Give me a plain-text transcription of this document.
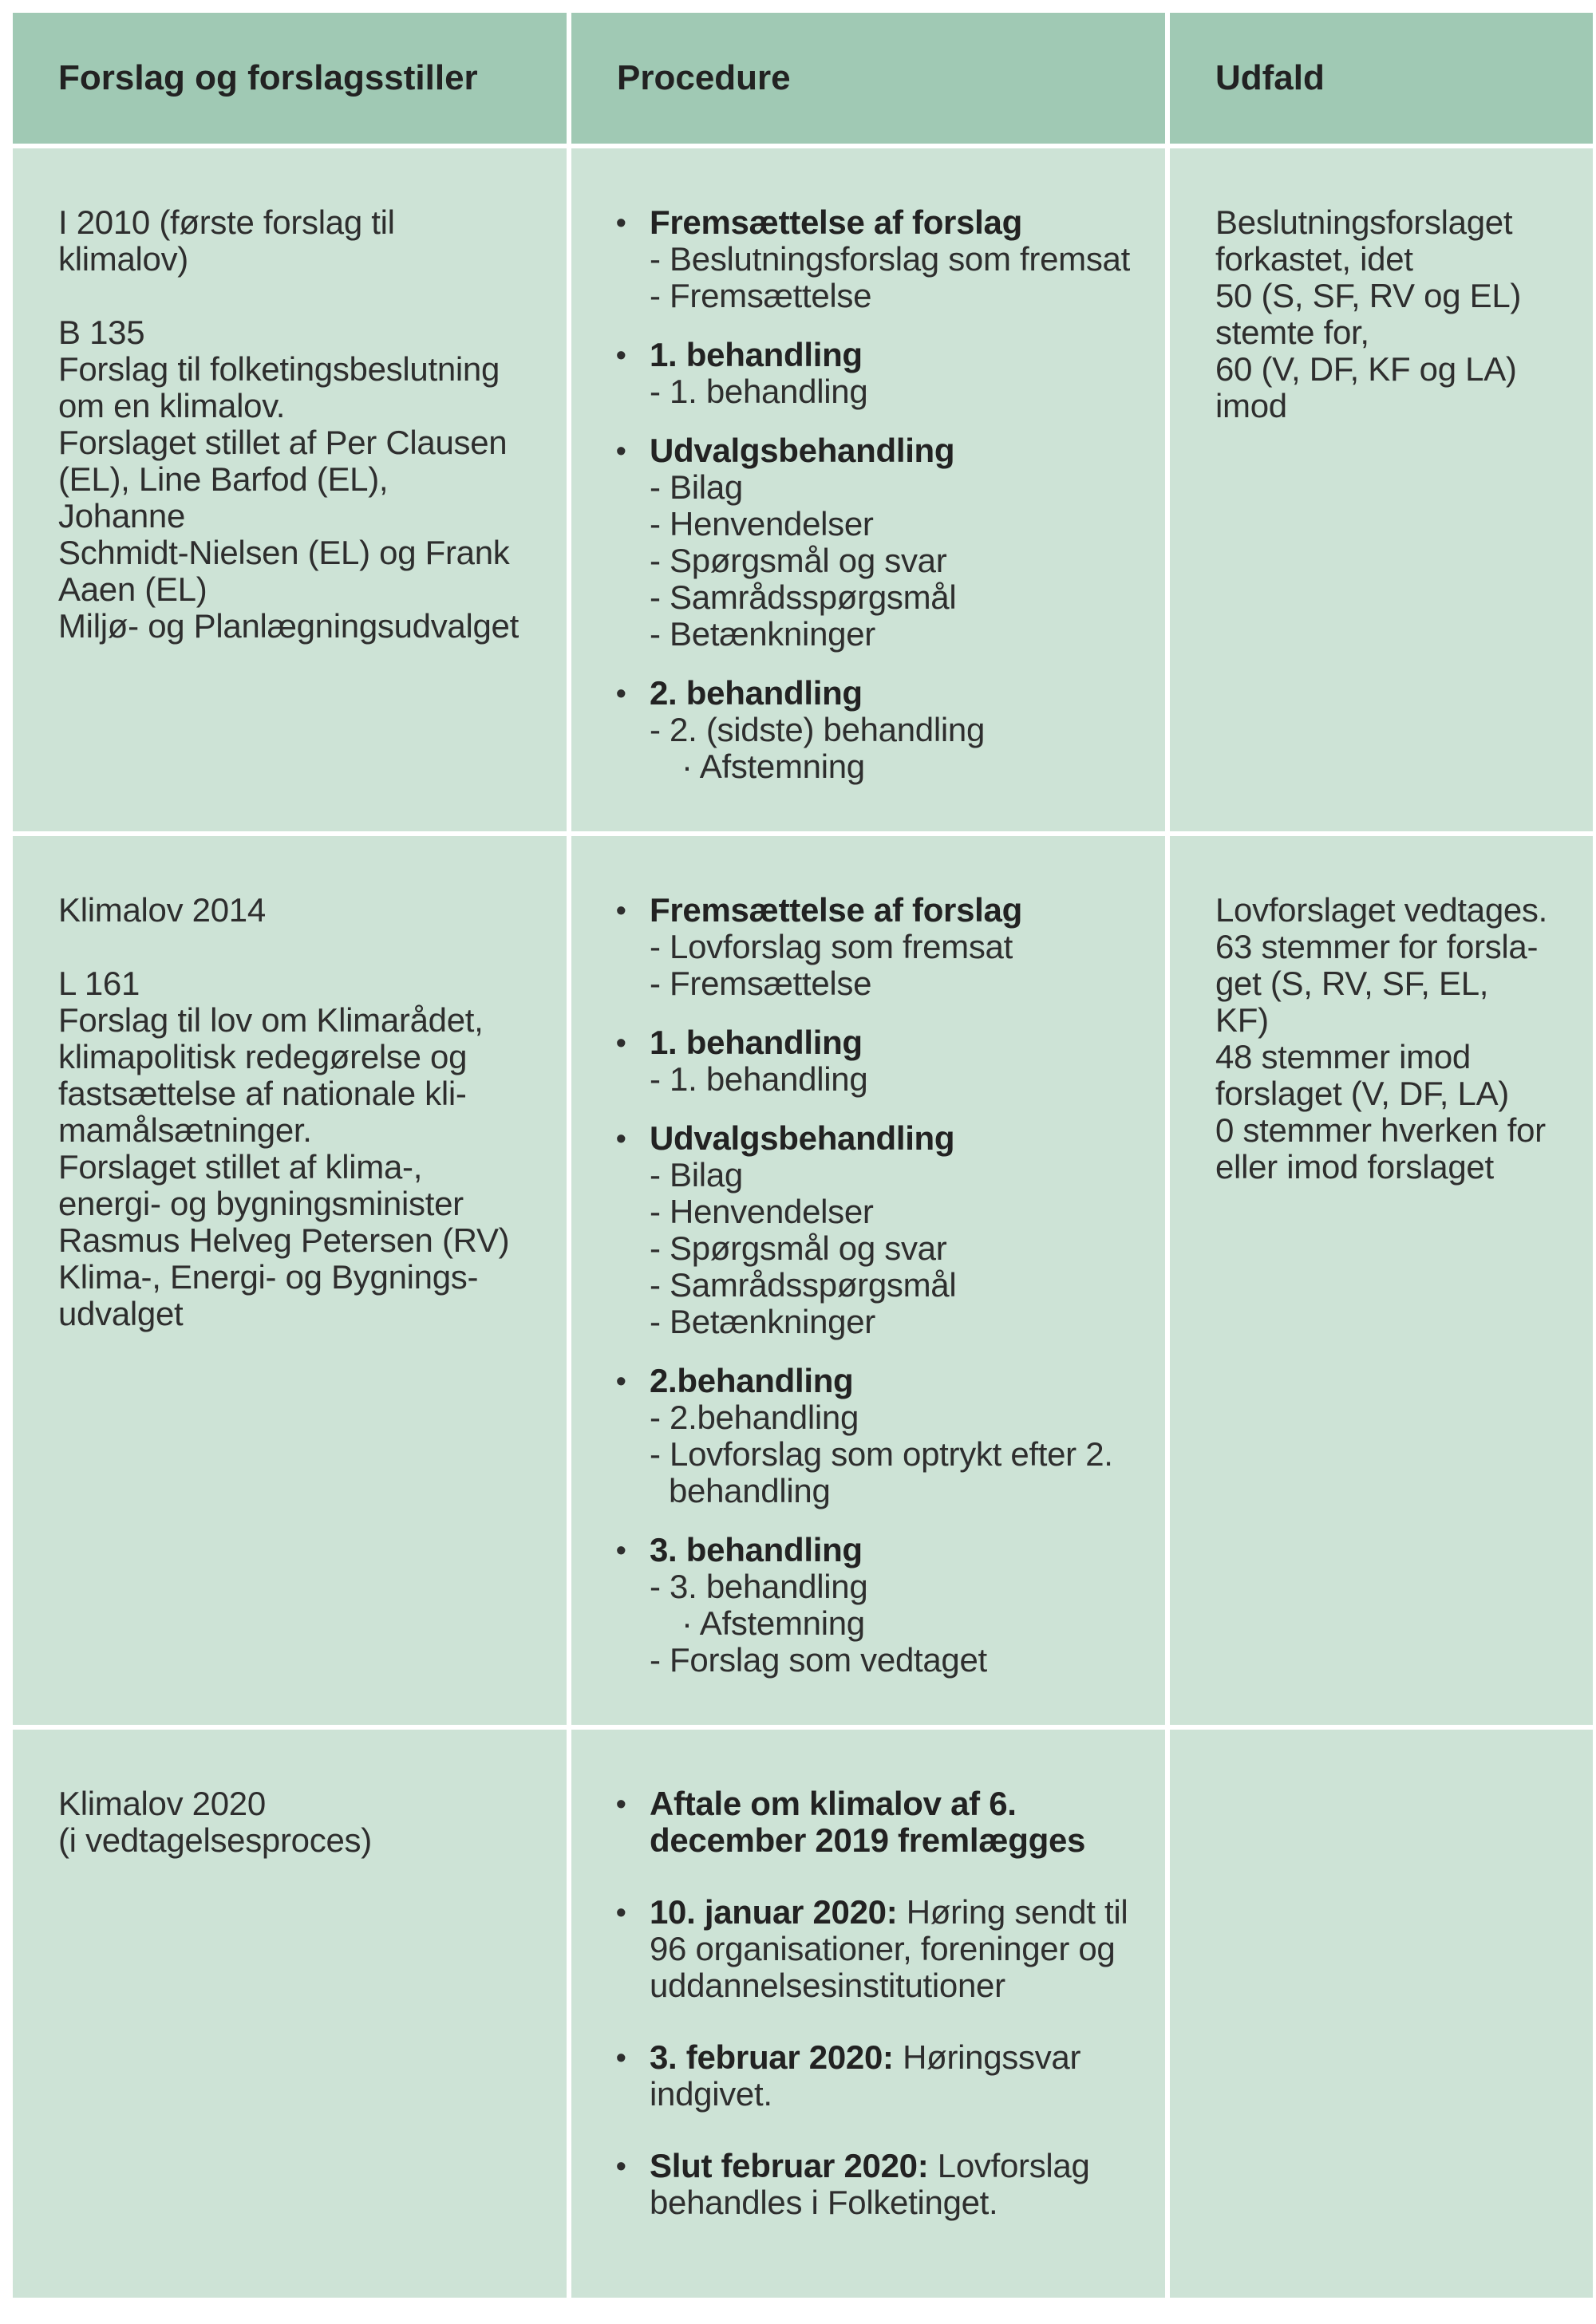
Forslag og forslagsstiller	Procedure	Udfald
I 2010 (første forslag til
klimalov)
B 135
Forslag til folketingsbeslutning
om en klimalov.
Forslaget stillet af Per Clausen
(EL), Line Barfod (EL), Johanne
Schmidt-Nielsen (EL) og Frank
Aaen (EL)
Miljø- og Planlægningsudvalget
• Fremsættelse af forslag
- Beslutningsforslag som fremsat
- Fremsættelse
• 1. behandling
- 1. behandling
• Udvalgsbehandling
- Bilag
- Henvendelser
- Spørgsmål og svar
- Samrådsspørgsmål
- Betænkninger
• 2. behandling
- 2. (sidste) behandling
· Afstemning
Beslutningsforslaget
forkastet, idet
50 (S, SF, RV og EL)
stemte for,
60 (V, DF, KF og LA)
imod
Klimalov 2014
L 161
Forslag til lov om Klimarådet,
klimapolitisk redegørelse og
fastsættelse af nationale kli-
mamålsætninger.
Forslaget stillet af klima-,
energi- og bygningsminister
Rasmus Helveg Petersen (RV)
Klima-, Energi- og Bygnings-
udvalget
• Fremsættelse af forslag
- Lovforslag som fremsat
- Fremsættelse
• 1. behandling
- 1. behandling
• Udvalgsbehandling
- Bilag
- Henvendelser
- Spørgsmål og svar
- Samrådsspørgsmål
- Betænkninger
• 2.behandling
- 2.behandling
- Lovforslag som optrykt efter 2.
behandling
• 3. behandling
- 3. behandling
· Afstemning
- Forslag som vedtaget
Lovforslaget vedtages.
63 stemmer for forsla-
get (S, RV, SF, EL, KF)
48 stemmer imod
forslaget (V, DF, LA)
0 stemmer hverken for
eller imod forslaget
Klimalov 2020
(i vedtagelsesproces)
• Aftale om klimalov af 6.
december 2019 fremlægges
• 10. januar 2020: Høring sendt til
96 organisationer, foreninger og
uddannelsesinstitutioner
• 3. februar 2020: Høringssvar
indgivet.
• Slut februar 2020: Lovforslag
behandles i Folketinget.
